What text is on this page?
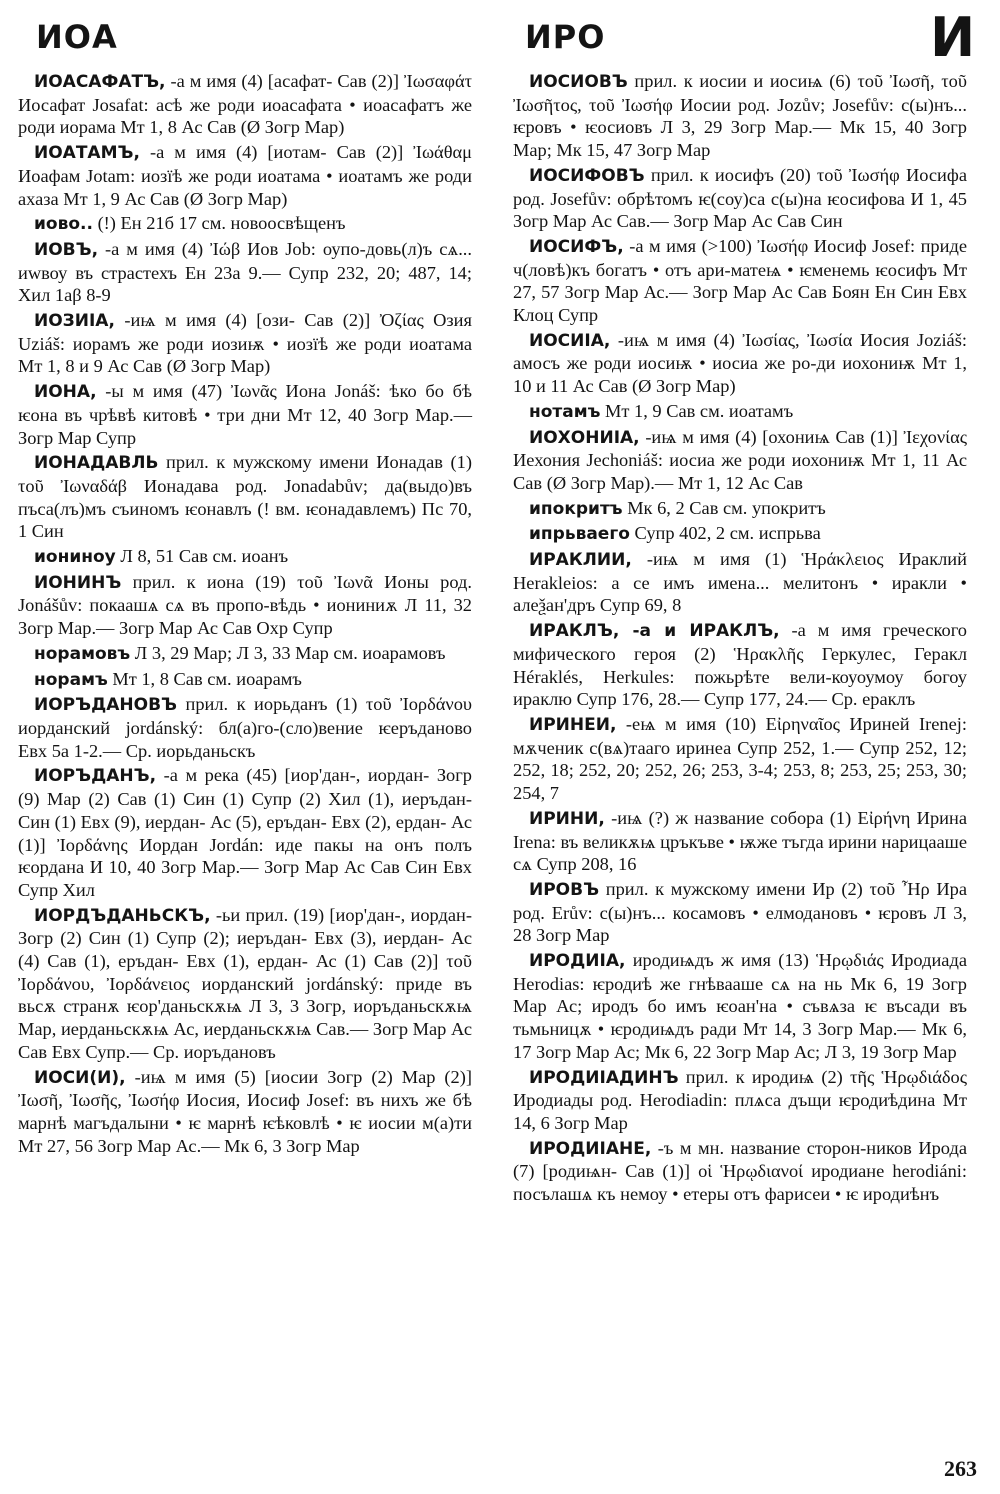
ИОА	ИРО	И

ИОАСАФАТЪ, -а м имя (4) [асафат- Сав (2)] Ἰωσαφάτ Иосафат Josafat: асѣ же роди иоасафата • иоасафатъ же роди иорама Мт 1, 8 Ас Сав (Ø Зогр Мар)

ИОАТАМЪ, -а м имя (4) [иотам- Сав (2)] Ἰωάθαμ Иоафам Jotam: иозїѣ же роди иоатама • иоатамъ же роди ахаза Мт 1, 9 Ас Сав (Ø Зогр Мар)

иово.. (!) Ен 21б 17 см. новоосвѣщенъ

ИОВЪ, -а м имя (4) Ἰώβ Иов Job: оупо-довь(л)ъ сѧ... иwвоу въ страстехъ Ен 23а 9.— Супр 232, 20; 487, 14; Хил 1аβ 8-9

ИОЗИІА, -иѩ м имя (4) [ози- Сав (2)] Ὀζίας Озия Uziáš: иорамъ же роди иозиѭ • иозїѣ же роди иоатама Мт 1, 8 и 9 Ас Сав (Ø Зогр Мар)

ИОНА, -ы м имя (47) Ἰωνᾶς Иона Jonáš: ѣко бо бѣ ѥона въ чрѣвѣ китовѣ • три дни Мт 12, 40 Зогр Мар.— Зогр Мар Супр

ИОНАДАВЛЬ прил. к мужскому имени Ионадав (1) τοῦ Ἰωναδάβ Ионадава род. Jonadabův; да(выдо)въ пъса(лъ)мъ съиномъ ѥонавлъ (! вм. ѥонадавлемъ) Пс 70, 1 Син

иониноу Л 8, 51 Сав см. иоанъ

ИОНИНЪ прил. к иона (19) τοῦ Ἰωνᾶ Ионы род. Jonášův: покаашѧ сѧ въ пропо-вѣдь • иониниѫ Л 11, 32 Зогр Мар.— Зогр Мар Ас Сав Охр Супр

норамовъ Л 3, 29 Мар; Л 3, 33 Мар см. иоарамовъ

норамъ Мт 1, 8 Сав см. иоарамъ

ИОРЪДАНОВЪ прил. к иорьданъ (1) τοῦ Ἰορδάνου иорданский jordánský: бл(а)го-(сло)вение ѥеръданово Евх 5а 1-2.— Ср. иорьданьскъ

ИОРЪДАНЪ, -а м река (45) [иор'дан-, иордан- Зогр (9) Мар (2) Сав (1) Син (1) Супр (2) Хил (1), иеръдан- Син (1) Евх (9), иердан- Ас (5), еръдан- Евх (2), ердан- Ас (1)] Ἰορδάνης Иордан Jordán: иде пакы на онъ полъ ѥордана И 10, 40 Зогр Мар.— Зогр Мар Ас Сав Син Евх Супр Хил

ИОРДЪДАНЬСКЪ, -ьи прил. (19) [иор'дан-, иордан- Зогр (2) Син (1) Супр (2); иеръдан- Евх (3), иердан- Ас (4) Сав (1), еръдан- Евх (1), ердан- Ас (1) Сав (2)] τοῦ Ἰορδάνου, Ἰορδάνειος иорданский jordánský: приде въ вьсѫ странѫ ѥор'даньскѫѩ Л 3, 3 Зогр, иоръданьскѫѩ Мар, иерданьскѫѩ Ас, иерданьскѫѩ Сав.— Зогр Мар Ас Сав Евх Супр.— Ср. иоръдановъ

ИОСИ(И), -иѩ м имя (5) [иосии Зогр (2) Мар (2)] Ἰωσῆ, Ἰωσῆς, Ἰωσήφ Иосия, Иосиф Josef: въ нихъ же бѣ марнѣ магъдалыни • ѥ марнѣ ѥѣковлѣ • ѥ иосии м(а)ти Мт 27, 56 Зогр Мар Ас.— Мк 6, 3 Зогр Мар

ИОСИОВЪ прил. к иосии и иосиѩ (6) τοῦ Ἰωσῆ, τοῦ Ἰωσῆτος, τοῦ Ἰωσήφ Иосии род. Jozův; Josefův: с(ы)нъ... ѥровъ • ѥосиовъ Л 3, 29 Зогр Мар.— Мк 15, 40 Зогр Мар; Мк 15, 47 Зогр Мар

ИОСИФОВЪ прил. к иосифъ (20) τοῦ Ἰωσήφ Иосифа род. Josefův: обрѣтомъ ѥ(соу)са с(ы)на ѥосифова И 1, 45 Зогр Мар Ас Сав.— Зогр Мар Ас Сав Син

ИОСИФЪ, -а м имя (>100) Ἰωσήφ Иосиф Josef: приде ч(ловѣ)къ богатъ • отъ ари-матеѩ • ѥменемь ѥосифъ Мт 27, 57 Зогр Мар Ас.— Зогр Мар Ас Сав Боян Ен Син Евх Клоц Супр

ИОСИІА, -иѩ м имя (4) Ἰωσίας, Ἰωσία Иосия Joziáš: амосъ же роди иосиѭ • иосиа же ро-ди иохониѭ Мт 1, 10 и 11 Ас Сав (Ø Зогр Мар)

нотамъ Мт 1, 9 Сав см. иоатамъ

ИОХОНИІА, -иѩ м имя (4) [охониѩ Сав (1)] Ἰεχονίας Иехония Jechoniáš: иосиа же роди иохониѭ Мт 1, 11 Ас Сав (Ø Зогр Мар).— Мт 1, 12 Ас Сав

ипокритъ Мк 6, 2 Сав см. упокритъ

ипрьваего Супр 402, 2 см. испрьва

ИРАКЛИИ, -иѩ м имя (1) Ἡράκλειος Ираклий Herakleios: а се имъ имена... мелитонъ • иракли • алеѯан'дръ Супр 69, 8

ИРАКЛЪ, -а и ИРАКЛЪ, -а м имя греческого мифического героя (2) Ἡρακλῆς Геркулес, Геракл Héraklés, Herkules: пожьрѣте вели-коуоумоу богоу ираклю Супр 176, 28.— Супр 177, 24.— Ср. ераклъ

ИРИНЕИ, -еѩ м имя (10) Εἰρηναῖος Ириней Irenej: мѫченик с(вѧ)тааго иринеа Супр 252, 1.— Супр 252, 12; 252, 18; 252, 20; 252, 26; 253, 3-4; 253, 8; 253, 25; 253, 30; 254, 7

ИРИНИ, -иѩ (?) ж название собора (1) Εἰρήνη Ирина Irena: въ великѫѩ цръкъве • ѭже тъгда ирини нарицааше сѧ Супр 208, 16

ИРОВЪ прил. к мужскому имени Ир (2) τοῦ Ἦρ Ира род. Erův: с(ы)нъ... косамовъ • елмодановъ • ѥровъ Л 3, 28 Зогр Мар

ИРОДИІА, иродиѩдъ ж имя (13) Ἡρῳδιάς Иродиада Herodias: ѥродиѣ же гнѣвааше сѧ на нь Мк 6, 19 Зогр Мар Ас; иродъ бо имъ ѥоан'на • съвѧза ѥ въсади въ тьмьницѫ • ѥродиѩдъ ради Мт 14, 3 Зогр Мар.— Мк 6, 17 Зогр Мар Ас; Мк 6, 22 Зогр Мар Ас; Л 3, 19 Зогр Мар

ИРОДИІАДИНЪ прил. к иродиѩ (2) τῆς Ἡρῳδιάδος Иродиады род. Herodiadin: плѧса дъщи ѥродиѣдина Мт 14, 6 Зогр Мар

ИРОДИІАНЕ, -ъ м мн. название сторон-ников Ирода (7) [родиѩн- Сав (1)] οἱ Ἡρῳδιανοί иродиане herodiáni: посълашѧ къ немоу • етеры отъ фарисеи • ѥ иродиѣнъ

263
